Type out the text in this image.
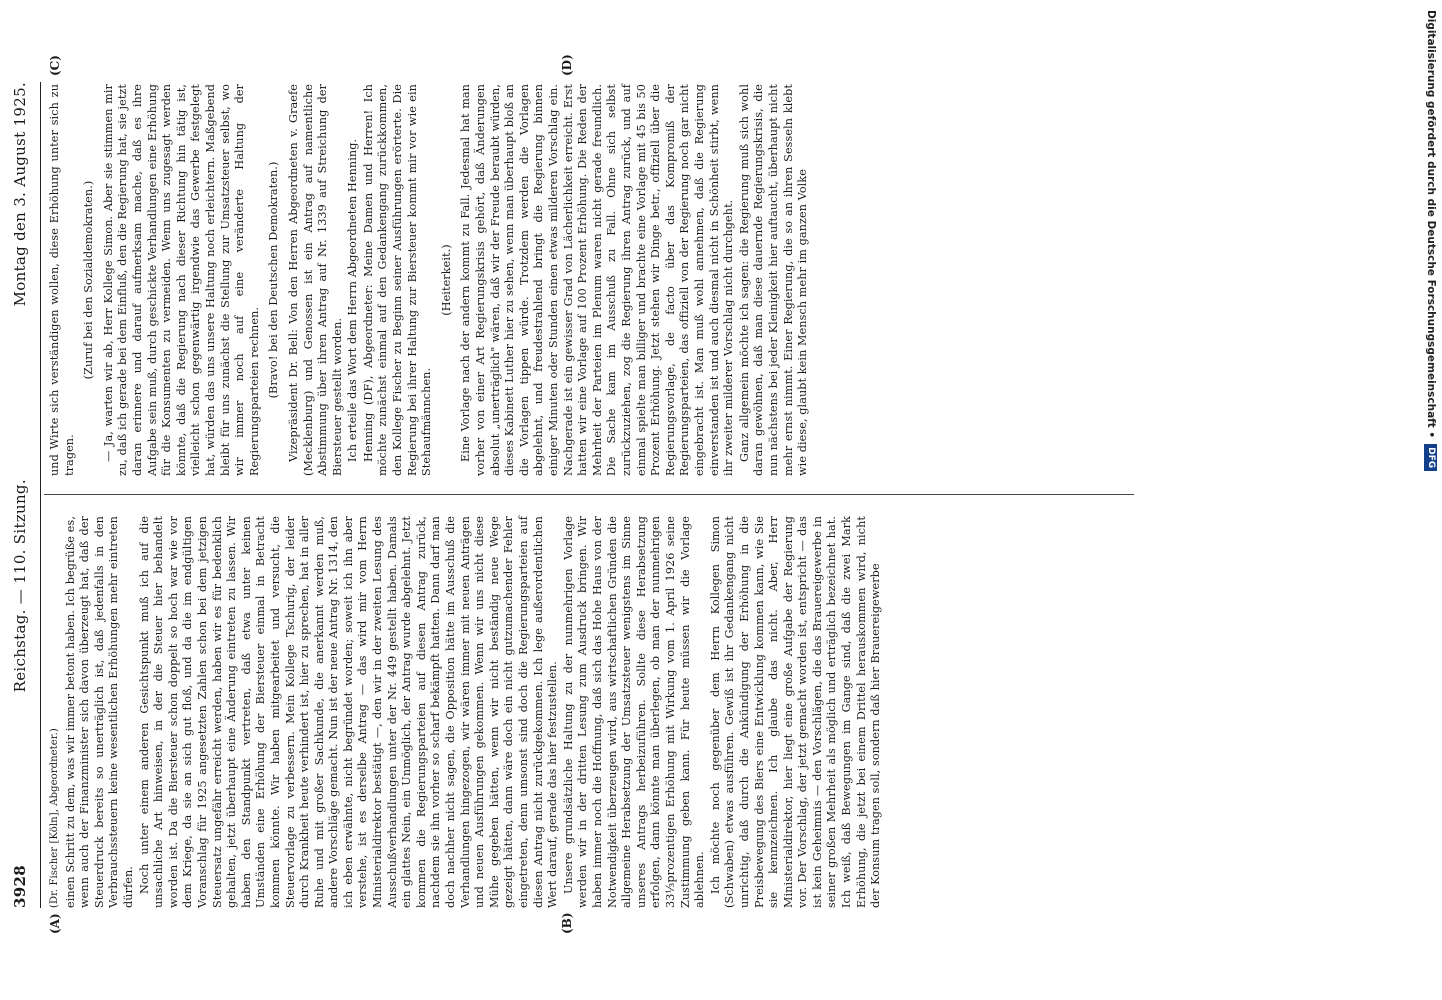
3928
Reichstag. — 110. Sitzung.
Montag den 3. August 1925.

(Dr. Fischer [Köln], Abgeordneter.) einen Schritt zu dem, was wir immer betont haben. Ich begrüße es, wenn auch der Finanzminister sich davon überzeugt hat, daß der Steuerdruck bereits so unerträglich ist, daß jedenfalls in den Verbrauchssteuern keine wesentlichen Erhöhungen mehr eintreten dürfen. Noch unter einem anderen Gesichtspunkt muß ich auf die unsachliche Art hinweisen, in der die Steuer hier behandelt worden ist. Da die Biersteuer schon doppelt so hoch war wie vor dem Kriege, da sie an sich gut floß, und da die im endgültigen Voranschlag für 1925 angesetzten Zahlen schon bei dem jetzigen Steuersatz ungefähr erreicht werden, haben wir es für bedenklich gehalten, jetzt überhaupt eine Änderung eintreten zu lassen. Wir haben den Standpunkt vertreten, daß etwa unter keinen Umständen eine Erhöhung der Biersteuer einmal in Betracht kommen könnte. Wir haben mitgearbeitet und versucht, die Steuervorlage zu verbessern. Mein Kollege Tschurig, der leider durch Krankheit heute verhindert ist, hier zu sprechen, hat in aller Ruhe und mit großer Sachkunde, die anerkannt werden muß, andere Vorschläge gemacht. Nun ist der neue Antrag Nr. 1314, den ich eben erwähnte, nicht begründet worden; soweit ich ihn aber verstehe, ist es derselbe Antrag — das wird mir vom Herrn Ministerialdirektor bestätigt —, den wir in der zweiten Lesung des Ausschußverhandlungen unter der Nr. 449 gestellt haben. Damals ein glattes Nein, ein Unmöglich, der Antrag wurde abgelehnt. Jetzt kommen die Regierungsparteien auf diesen Antrag zurück, nachdem sie ihn vorher so scharf bekämpft hatten. Dann darf man doch nachher nicht sagen, die Opposition hätte im Ausschuß die Verhandlungen hingezogen, wir wären immer mit neuen Anträgen und neuen Ausführungen gekommen. Wenn wir uns nicht diese Mühe gegeben hätten, wenn wir nicht beständig neue Wege gezeigt hätten, dann wäre doch ein nicht gutzumachender Fehler eingetreten, denn umsonst sind doch die Regierungsparteien auf diesen Antrag nicht zurückgekommen. Ich lege außerordentlichen Wert darauf, gerade das hier festzustellen. Unsere grundsätzliche Haltung zu der nunmehrigen Vorlage werden wir in der dritten Lesung zum Ausdruck bringen. Wir haben immer noch die Hoffnung, daß sich das Hohe Haus von der Notwendigkeit überzeugen wird, aus wirtschaftlichen Gründen die allgemeine Herabsetzung der Umsatzsteuer wenigstens im Sinne unseres Antrags herbeizuführen. Sollte diese Herabsetzung erfolgen, dann könnte man überlegen, ob man der nunmehrigen 33⅓prozentigen Erhöhung mit Wirkung vom 1. April 1926 seine Zustimmung geben kann. Für heute müssen wir die Vorlage ablehnen. Ich möchte noch gegenüber dem Herrn Kollegen Simon (Schwaben) etwas ausführen. Gewiß ist ihr Gedankengang nicht unrichtig, daß durch die Ankündigung der Erhöhung in die Preisbewegung des Biers eine Entwicklung kommen kann, wie Sie sie kennzeichnen. Ich glaube das nicht. Aber, Herr Ministerialdirektor, hier liegt eine große Aufgabe der Regierung vor. Der Vorschlag, der jetzt gemacht worden ist, entspricht — das ist kein Geheimnis — den Vorschlägen, die das Brauereigewerbe in seiner großen Mehrheit als möglich und erträglich bezeichnet hat. Ich weiß, daß Bewegungen im Gange sind, daß die zwei Mark Erhöhung, die jetzt bei einem Drittel herauskommen wird, nicht der Konsum tragen soll, sondern daß hier Brauereigewerbe

und Wirte sich verständigen wollen, diese Erhöhung unter sich zu tragen.

(Zuruf bei den Sozialdemokraten.) — Ja, warten wir ab, Herr Kollege Simon. Aber sie stimmen mir zu, daß ich gerade bei dem Einfluß, den die Regierung hat, sie jetzt daran erinnere und darauf aufmerksam mache, daß es ihre Aufgabe sein muß, durch geschickte Verhandlungen eine Erhöhung für die Konsumenten zu vermeiden. Wenn uns zugesagt werden könnte, daß die Regierung nach dieser Richtung hin tätig ist, vielleicht schon gegenwärtig irgendwie das Gewerbe festgelegt hat, würden das uns unsere Haltung noch erleichtern. Maßgebend bleibt für uns zunächst die Stellung zur Umsatzsteuer selbst, wo wir immer noch auf eine veränderte Haltung der Regierungsparteien rechnen. (Bravo! bei den Deutschen Demokraten.) Vizepräsident Dr. Bell: Von den Herren Abgeordneten v. Graefe (Mecklenburg) und Genossen ist ein Antrag auf namentliche Abstimmung über ihren Antrag auf Nr. 1339 auf Streichung der Biersteuer gestellt worden. Ich erteile das Wort dem Herrn Abgeordneten Henning. Henning (DF), Abgeordneter: Meine Damen und Herren! Ich möchte zunächst einmal auf den Gedankengang zurückkommen, den Kollege Fischer zu Beginn seiner Ausführungen erörterte. Die Regierung bei ihrer Haltung zur Biersteuer kommt mir vor wie ein Stehaufmännchen.

(Heiterkeit.) Eine Vorlage nach der andern kommt zu Fall. Jedesmal hat man vorher von einer Art Regierungskrisis gehört, daß Änderungen absolut „unerträglich" wären, daß wir der Freude beraubt würden, dieses Kabinett Luther hier zu sehen, wenn man überhaupt bloß an die Vorlagen tippen würde. Trotzdem werden die Vorlagen abgelehnt, und freudestrahlend bringt die Regierung binnen einiger Minuten oder Stunden einen etwas milderen Vorschlag ein. Nachgerade ist ein gewisser Grad von Lächerlichkeit erreicht. Erst hatten wir eine Vorlage auf 100 Prozent Erhöhung. Die Reden der Mehrheit der Parteien im Plenum waren nicht gerade freundlich. Die Sache kam im Ausschuß zu Fall. Ohne sich selbst zurückzuziehen, zog die Regierung ihren Antrag zurück, und auf einmal spielte man billiger und brachte eine Vorlage mit 45 bis 50 Prozent Erhöhung. Jetzt stehen wir Dinge betr., offiziell über die Regierungsvorlage, de facto über das Kompromiß der Regierungsparteien, das offiziell von der Regierung noch gar nicht eingebracht ist. Man muß wohl annehmen, daß die Regierung einverstanden ist und auch diesmal nicht in Schönheit stirbt, wenn ihr zweiter milderer Vorschlag nicht durchgeht. Ganz allgemein möchte ich sagen: die Regierung muß sich wohl daran gewöhnen, daß man diese dauernde Regierungskrisis, die nun nächstens bei jeder Kleinigkeit hier auftaucht, überhaupt nicht mehr ernst nimmt. Einer Regierung, die so an ihren Sesseln klebt wie diese, glaubt kein Mensch mehr im ganzen Volke

(A)	(B)
(C)	(D)	Digitalisierung gefördert durch die Deutsche Forschungsgemeinschaft •
DFG
